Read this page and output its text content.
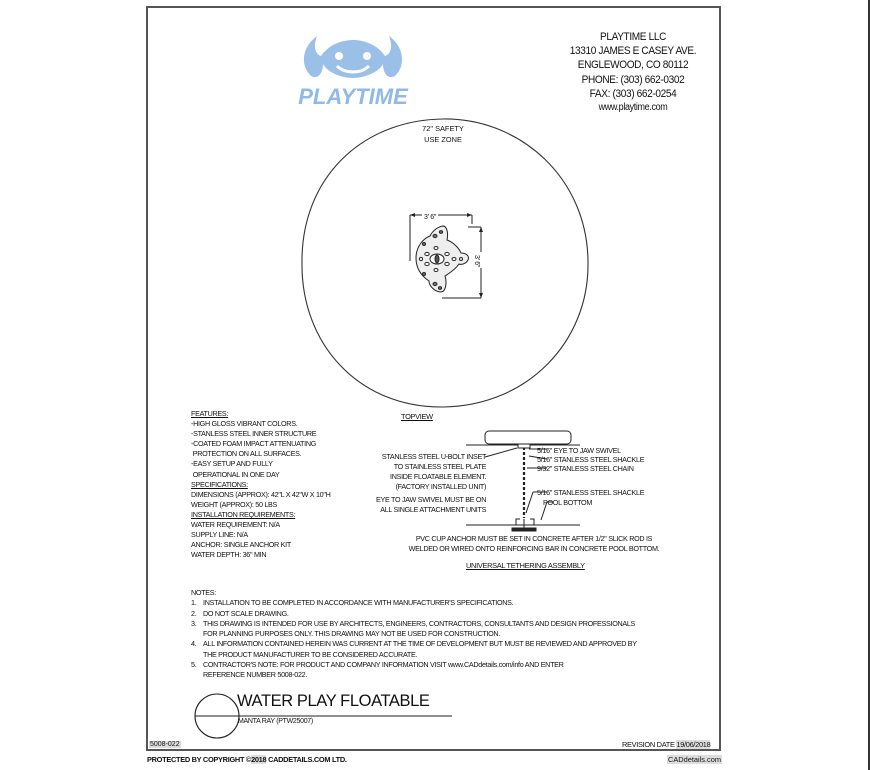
PLAYTIME
PLAYTIME LLC
13310 JAMES E CASEY AVE.
ENGLEWOOD, CO 80112
PHONE: (303) 662-0302
FAX: (303) 662-0254
www.playtime.com
72" SAFETY
USE ZONE
3' 6"
3' 6"
TOPVIEW
FEATURES:
-HIGH GLOSS VIBRANT COLORS.
-STANLESS STEEL INNER STRUCTURE
-COATED FOAM IMPACT ATTENUATING
PROTECTION ON ALL SURFACES.
-EASY SETUP AND FULLY
OPERATIONAL IN ONE DAY
SPECIFICATIONS:
DIMENSIONS (APPROX): 42"L X 42"W X 10"H
WEIGHT (APPROX): 50 LBS
INSTALLATION REQUIREMENTS:
WATER REQUIREMENT: N/A
SUPPLY LINE: N/A
ANCHOR: SINGLE ANCHOR KIT
WATER DEPTH: 36" MIN
STANLESS STEEL U-BOLT INSET
TO STAINLESS STEEL PLATE
INSIDE FLOATABLE ELEMENT.
(FACTORY INSTALLED UNIT)
EYE TO JAW SWIVEL MUST BE ON
ALL SINGLE ATTACHMENT UNITS
5/16" EYE TO JAW SWIVEL
5/16" STANLESS STEEL SHACKLE
9/32" STANLESS STEEL CHAIN
5/16" STANLESS STEEL SHACKLE
POOL BOTTOM
PVC CUP ANCHOR MUST BE SET IN CONCRETE AFTER 1/2" SLICK ROD IS
WELDED OR WIRED ONTO REINFORCING BAR IN CONCRETE POOL BOTTOM.
UNIVERSAL TETHERING ASSEMBLY
NOTES:
1. INSTALLATION TO BE COMPLETED IN ACCORDANCE WITH MANUFACTURER'S SPECIFICATIONS.
2. DO NOT SCALE DRAWING.
3. THIS DRAWING IS INTENDED FOR USE BY ARCHITECTS, ENGINEERS, CONTRACTORS, CONSULTANTS AND DESIGN PROFESSIONALS
FOR PLANNING PURPOSES ONLY. THIS DRAWING MAY NOT BE USED FOR CONSTRUCTION.
4. ALL INFORMATION CONTAINED HEREIN WAS CURRENT AT THE TIME OF DEVELOPMENT BUT MUST BE REVIEWED AND APPROVED BY
THE PRODUCT MANUFACTURER TO BE CONSIDERED ACCURATE.
5. CONTRACTOR'S NOTE: FOR PRODUCT AND COMPANY INFORMATION VISIT www.CADdetails.com/info AND ENTER
REFERENCE NUMBER 5008-022.
WATER PLAY FLOATABLE
MANTA RAY (PTW25007)
5008-022	REVISION DATE 19/06/2018
PROTECTED BY COPYRIGHT ©2018 CADDETAILS.COM LTD.	CADdetails.com
